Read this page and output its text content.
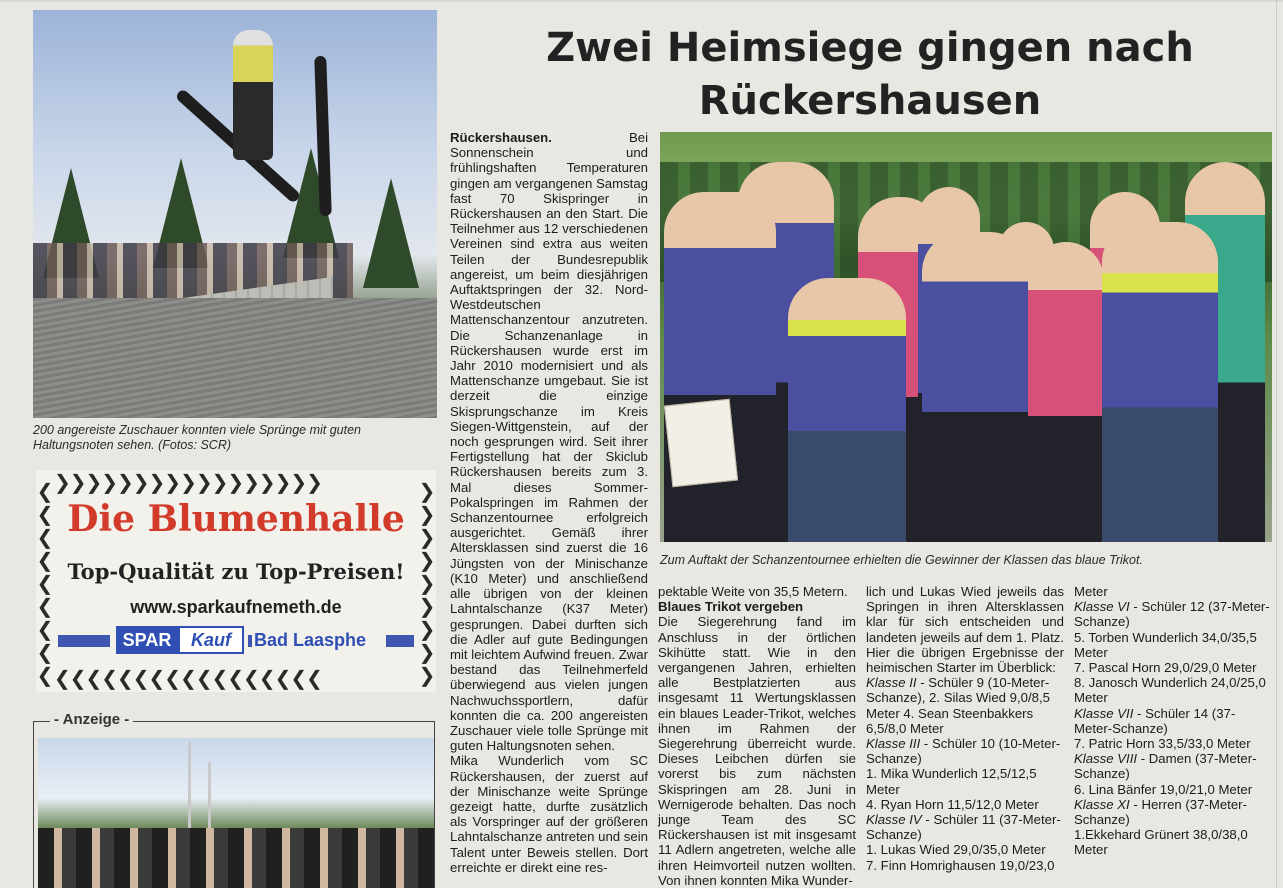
200 angereiste Zuschauer konnten viele Sprünge mit guten Haltungsnoten sehen. (Fotos: SCR)
❯❯❯❯❯❯❯❯❯❯❯❯❯❯❯❯❯
❮❮❮❮❮❮❮❮❮❮❮❮❮❮❮❮❮
❮
❮
❮
❮
❮
❮
❮
❮
❮
❯
❯
❯
❯
❯
❯
❯
❯
❯
Die Blumenhalle
Top-Qualität zu Top-Preisen!
www.sparkaufnemeth.de
SPAR	Kauf	Bad Laasphe
- Anzeige -
Zwei Heimsiege gingen nach
Rückershausen
Zum Auftakt der Schanzentournee erhielten die Gewinner der Klassen das blaue Trikot.

Rückershausen.	Bei Sonnenschein und frühlingshaften Temperaturen gingen am vergangenen Samstag fast 70 Skispringer in Rückershausen an den Start. Die Teilnehmer aus 12 verschiedenen Vereinen sind extra aus weiten Teilen der Bundesrepublik angereist, um beim diesjährigen Auftaktspringen der 32. Nord-Westdeutschen Mattenschanzentour anzutreten. Die Schanzenanlage in Rückershausen wurde erst im Jahr 2010 modernisiert und als Mattenschanze umgebaut. Sie ist derzeit die einzige Skisprungschanze im Kreis Siegen-Wittgenstein, auf der noch gesprungen wird. Seit ihrer Fertigstellung hat der Skiclub Rückershausen bereits zum 3. Mal dieses Sommer-Pokalspringen im Rahmen der Schanzentournee erfolgreich ausgerichtet. Gemäß ihrer Altersklassen sind zuerst die 16 Jüngsten von der Minischanze (K10 Meter) und anschließend alle übrigen von der kleinen Lahntalschanze (K37 Meter) gesprungen. Dabei durften sich die Adler auf gute Bedingungen mit leichtem Aufwind freuen. Zwar bestand das Teilnehmerfeld überwiegend aus vielen jungen Nachwuchssportlern, dafür konnten die ca. 200 angereisten Zuschauer viele tolle Sprünge mit guten Haltungsnoten sehen.

Mika Wunderlich vom SC Rückershausen, der zuerst auf der Minischanze weite Sprünge gezeigt hatte, durfte zusätzlich als Vorspringer auf der größeren Lahntalschanze antreten und sein Talent unter Beweis stellen. Dort erreichte er direkt eine res-

pektable Weite von 35,5 Metern.

Blaues Trikot vergeben

Die Siegerehrung fand im Anschluss in der örtlichen Skihütte statt. Wie in den vergangenen Jahren, erhielten alle Bestplatzierten aus insgesamt 11 Wertungsklassen ein blaues Leader-Trikot, welches ihnen im Rahmen der Siegerehrung überreicht wurde. Dieses Leibchen dürfen sie vorerst bis zum nächsten Skispringen am 28. Juni in Wernigerode behalten. Das noch junge Team des SC Rückershausen ist mit insgesamt 11 Adlern angetreten, welche alle ihren Heimvorteil nutzen wollten. Von ihnen konnten Mika Wunder-

lich und Lukas Wied jeweils das Springen in ihren Altersklassen klar für sich entscheiden und landeten jeweils auf dem 1. Platz. Hier die übrigen Ergebnisse der heimischen Starter im Überblick:

Klasse II - Schüler 9 (10-Meter-Schanze), 2. Silas Wied 9,0/8,5 Meter 4. Sean Steenbakkers 6,5/8,0 Meter
Klasse III - Schüler 10 (10-Meter-Schanze)
1. Mika Wunderlich 12,5/12,5 Meter
4. Ryan Horn 11,5/12,0 Meter
Klasse IV - Schüler 11 (37-Meter-Schanze)
1. Lukas Wied 29,0/35,0 Meter
7. Finn Homrighausen 19,0/23,0
Meter
Klasse VI - Schüler 12 (37-Meter-Schanze)
5. Torben Wunderlich 34,0/35,5 Meter
7. Pascal Horn 29,0/29,0 Meter
8. Janosch Wunderlich 24,0/25,0 Meter
Klasse VII - Schüler 14 (37-Meter-Schanze)
7. Patric Horn 33,5/33,0 Meter
Klasse VIII - Damen (37-Meter-Schanze)
6. Lina Bänfer 19,0/21,0 Meter
Klasse XI - Herren (37-Meter-Schanze)
1.Ekkehard Grünert 38,0/38,0 Meter
